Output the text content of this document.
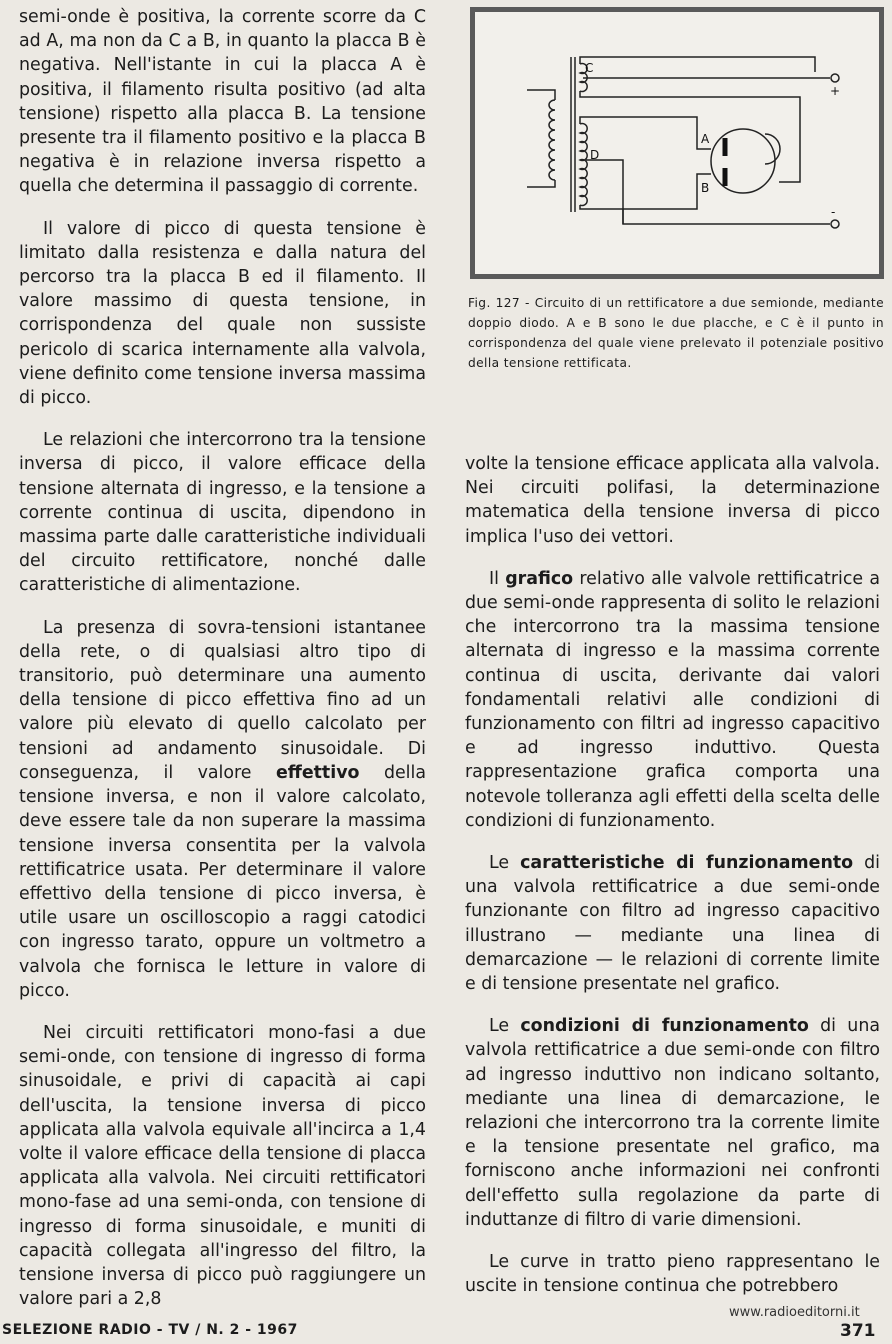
semi-onde è positiva, la corrente scorre da C ad A, ma non da C a B, in quanto la placca B è negativa. Nell'istante in cui la placca A è positiva, il filamento risulta positivo (ad alta tensione) rispetto alla placca B. La tensione presente tra il filamento positivo e la placca B negativa è in relazione inversa rispetto a quella che determina il passaggio di corrente.

Il valore di picco di questa tensione è limitato dalla resistenza e dalla natura del percorso tra la placca B ed il filamento. Il valore massimo di questa tensione, in corrispondenza del quale non sussiste pericolo di scarica internamente alla valvola, viene definito come tensione inversa massima di picco.

Le relazioni che intercorrono tra la tensione inversa di picco, il valore efficace della tensione alternata di ingresso, e la tensione a corrente continua di uscita, dipendono in massima parte dalle caratteristiche individuali del circuito rettificatore, nonché dalle caratteristiche di alimentazione.

La presenza di sovra-tensioni istantanee della rete, o di qualsiasi altro tipo di transitorio, può determinare una aumento della tensione di picco effettiva fino ad un valore più elevato di quello calcolato per tensioni ad andamento sinusoidale. Di conseguenza, il valore effettivo della tensione inversa, e non il valore calcolato, deve essere tale da non superare la massima tensione inversa consentita per la valvola rettificatrice usata. Per determinare il valore effettivo della tensione di picco inversa, è utile usare un oscilloscopio a raggi catodici con ingresso tarato, oppure un voltmetro a valvola che fornisca le letture in valore di picco.

Nei circuiti rettificatori mono-fasi a due semi-onde, con tensione di ingresso di forma sinusoidale, e privi di capacità ai capi dell'uscita, la tensione inversa di picco applicata alla valvola equivale all'incirca a 1,4 volte il valore efficace della tensione di placca applicata alla valvola. Nei circuiti rettificatori mono-fase ad una semi-onda, con tensione di ingresso di forma sinusoidale, e muniti di capacità collegata all'ingresso del filtro, la tensione inversa di picco può raggiungere un valore pari a 2,8

C
D
A
B
+
-
Fig. 127 - Circuito di un rettificatore a due semionde, mediante doppio diodo. A e B sono le due placche, e C è il punto in corrispondenza del quale viene prelevato il potenziale positivo della tensione rettificata.

volte la tensione efficace applicata alla valvola. Nei circuiti polifasi, la determinazione matematica della tensione inversa di picco implica l'uso dei vettori.

Il grafico relativo alle valvole rettificatrice a due semi-onde rappresenta di solito le relazioni che intercorrono tra la massima tensione alternata di ingresso e la massima corrente continua di uscita, derivante dai valori fondamentali relativi alle condizioni di funzionamento con filtri ad ingresso capacitivo e ad ingresso induttivo. Questa rappresentazione grafica comporta una notevole tolleranza agli effetti della scelta delle condizioni di funzionamento.

Le caratteristiche di funzionamento di una valvola rettificatrice a due semi-onde funzionante con filtro ad ingresso capacitivo illustrano — mediante una linea di demarcazione — le relazioni di corrente limite e di tensione presentate nel grafico.

Le condizioni di funzionamento di una valvola rettificatrice a due semi-onde con filtro ad ingresso induttivo non indicano soltanto, mediante una linea di demarcazione, le relazioni che intercorrono tra la corrente limite e la tensione presentate nel grafico, ma forniscono anche informazioni nei confronti dell'effetto sulla regolazione da parte di induttanze di filtro di varie dimensioni.

Le curve in tratto pieno rappresentano le uscite in tensione continua che potrebbero

SELEZIONE RADIO - TV / N. 2 - 1967
www.radioeditorni.it
371
